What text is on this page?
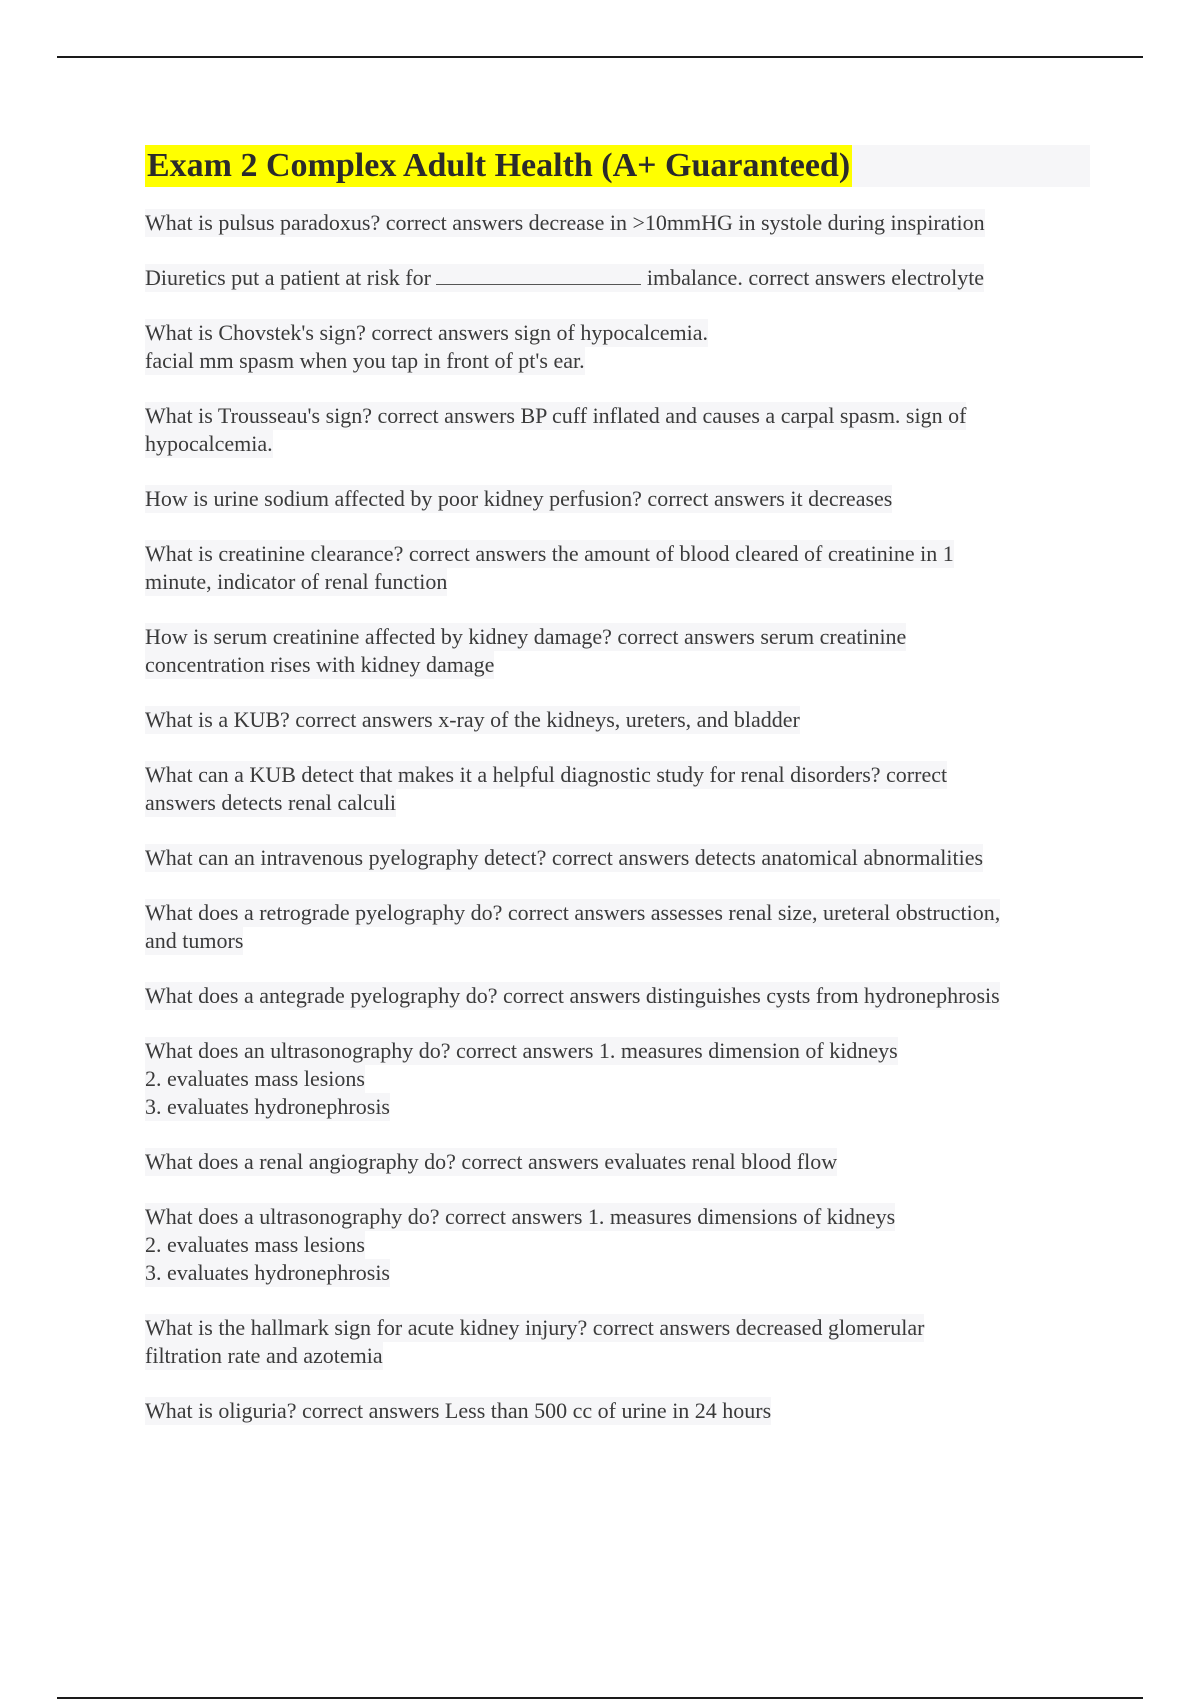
Exam 2 Complex Adult Health (A+ Guaranteed)
What is pulsus paradoxus? correct answers decrease in >10mmHG in systole during inspiration
Diuretics put a patient at risk for	imbalance. correct answers electrolyte
What is Chovstek's sign? correct answers sign of hypocalcemia.
facial mm spasm when you tap in front of pt's ear.
What is Trousseau's sign? correct answers BP cuff inflated and causes a carpal spasm. sign of
hypocalcemia.
How is urine sodium affected by poor kidney perfusion? correct answers it decreases
What is creatinine clearance? correct answers the amount of blood cleared of creatinine in 1
minute, indicator of renal function
How is serum creatinine affected by kidney damage? correct answers serum creatinine
concentration rises with kidney damage
What is a KUB? correct answers x-ray of the kidneys, ureters, and bladder
What can a KUB detect that makes it a helpful diagnostic study for renal disorders? correct
answers detects renal calculi
What can an intravenous pyelography detect? correct answers detects anatomical abnormalities
What does a retrograde pyelography do? correct answers assesses renal size, ureteral obstruction,
and tumors
What does a antegrade pyelography do? correct answers distinguishes cysts from hydronephrosis
What does an ultrasonography do? correct answers 1. measures dimension of kidneys
2. evaluates mass lesions
3. evaluates hydronephrosis
What does a renal angiography do? correct answers evaluates renal blood flow
What does a ultrasonography do? correct answers 1. measures dimensions of kidneys
2. evaluates mass lesions
3. evaluates hydronephrosis
What is the hallmark sign for acute kidney injury? correct answers decreased glomerular
filtration rate and azotemia
What is oliguria? correct answers Less than 500 cc of urine in 24 hours
